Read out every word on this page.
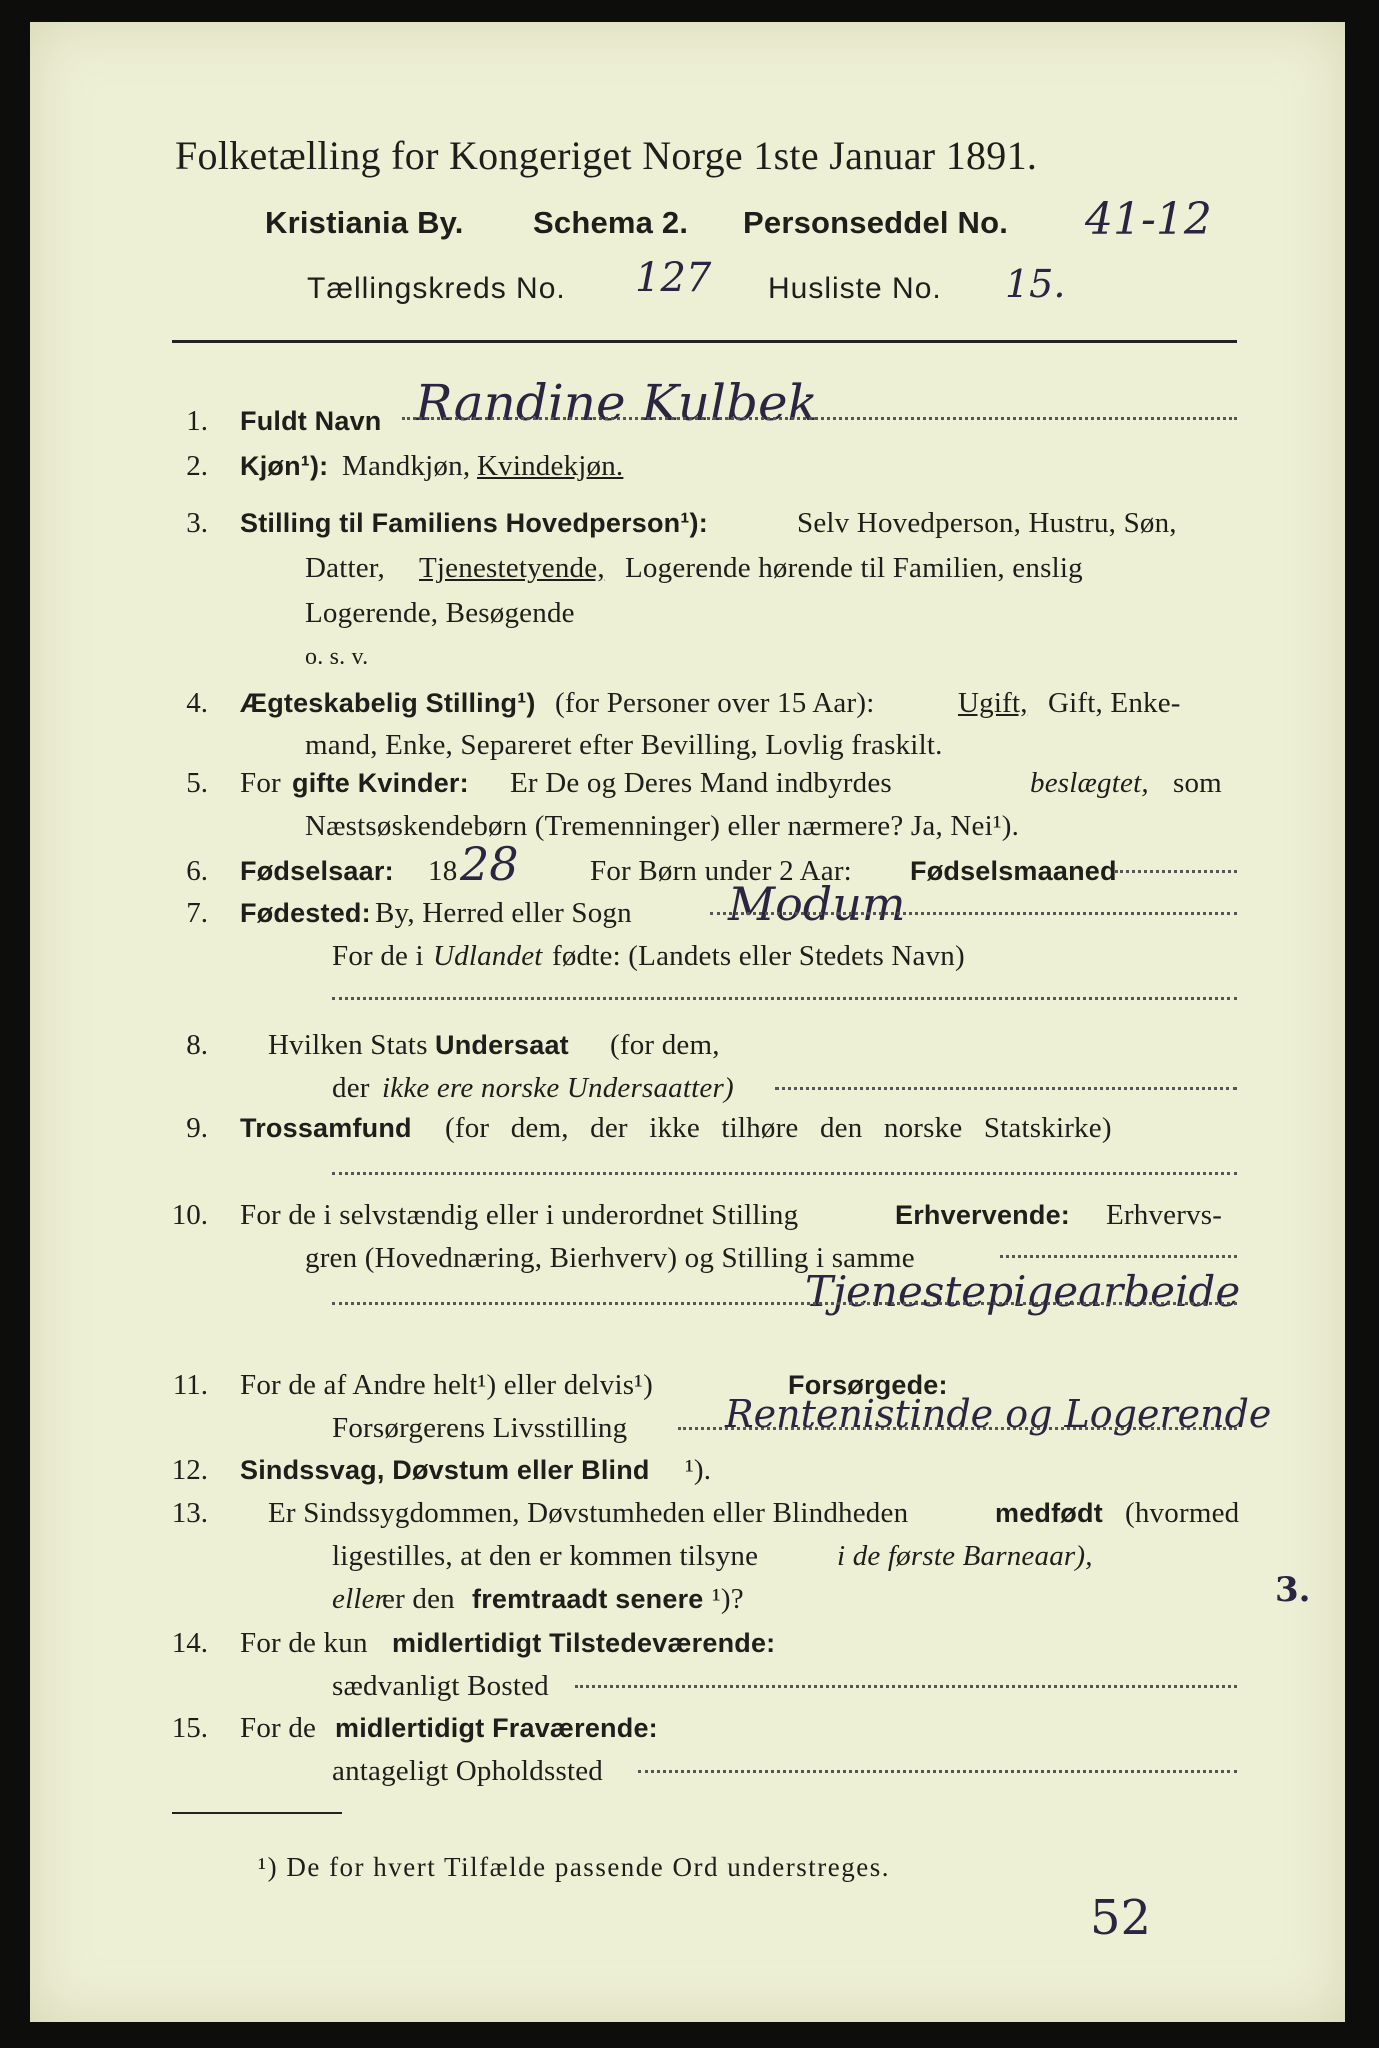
Folketælling for Kongeriget Norge 1ste Januar 1891.
Kristiania By. Schema 2. Personseddel No. 41-12
Tællingskreds No. 127 Husliste No. 15.
1. Fuldt Navn Randine Kulbek
2. Kjøn¹): Mandkjøn, Kvindekjøn.
3. Stilling til Familiens Hovedperson¹):	Selv Hovedperson, Hustru, Søn,
Datter, Tjenestetyende, Logerende hørende til Familien, enslig
Logerende, Besøgende
o. s. v.
4. Ægteskabelig Stilling¹) (for Personer over 15 Aar):	Ugift, Gift, Enke-
mand, Enke, Separeret efter Bevilling, Lovlig fraskilt.
5. For gifte Kvinder: Er De og Deres Mand indbyrdes	beslægtet, som
Næstsøskendebørn (Tremenninger) eller nærmere? Ja, Nei¹).
6. Fødselsaar: 18 28 For Børn under 2 Aar: Fødselsmaaned
7. Fødested: By, Herred eller Sogn Modum
For de i Udlandet fødte: (Landets eller Stedets Navn)
8. Hvilken Stats Undersaat (for dem,
der ikke ere norske Undersaatter)
9. Trossamfund (for dem, der ikke tilhøre den norske Statskirke)
10. For de i selvstændig eller i underordnet Stilling	Erhvervende: Erhvervs-
gren (Hovednæring, Bierhverv) og Stilling i samme
Tjenestepigearbeide
11. For de af Andre helt¹) eller delvis¹)	Forsørgede:
Forsørgerens Livsstilling	Rentenistinde og Logerende
12. Sindssvag, Døvstum eller Blind ¹).
13. Er Sindssygdommen, Døvstumheden eller Blindheden	medfødt (hvormed
ligestilles, at den er kommen tilsyne	i de første Barneaar),
eller
er den fremtraadt senere ¹)?	3.
14. For de kun midlertidigt Tilstedeværende:
sædvanligt Bosted
15. For de midlertidigt Fraværende:
antageligt Opholdssted
¹) De for hvert Tilfælde passende Ord understreges.
52
